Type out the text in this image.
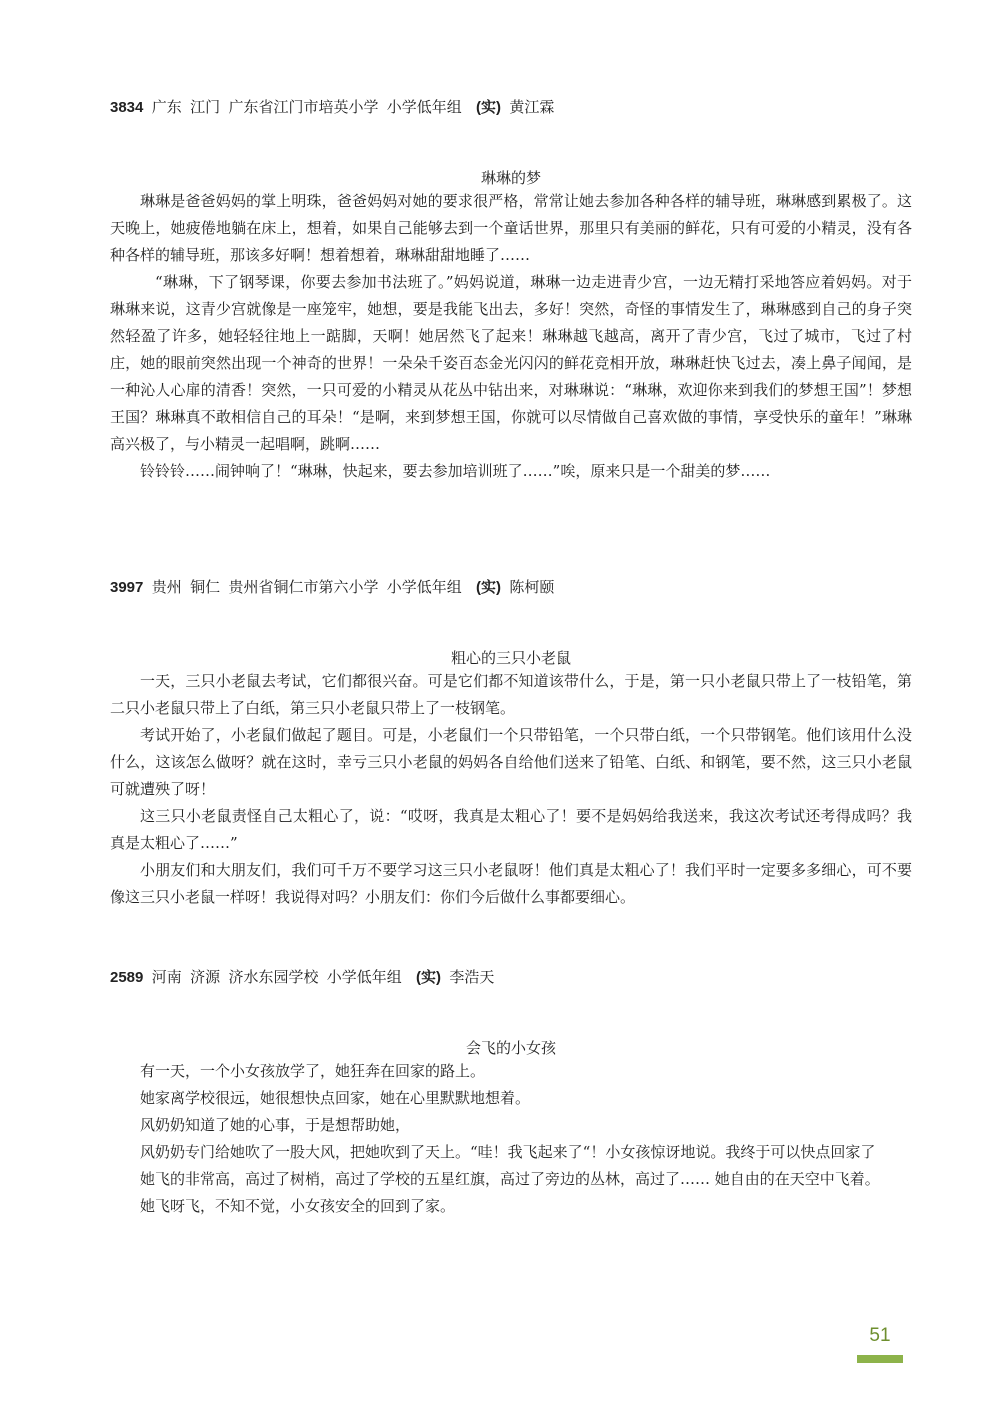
3834 广东 江门 广东省江门市培英小学 小学低年组 (实) 黄江霖
琳琳的梦

琳琳是爸爸妈妈的掌上明珠，爸爸妈妈对她的要求很严格，常常让她去参加各种各样的辅导班，琳琳感到累极了。这天晚上，她疲倦地躺在床上，想着，如果自己能够去到一个童话世界，那里只有美丽的鲜花，只有可爱的小精灵，没有各种各样的辅导班，那该多好啊！想着想着，琳琳甜甜地睡了……

“琳琳，下了钢琴课，你要去参加书法班了。”妈妈说道，琳琳一边走进青少宫，一边无精打采地答应着妈妈。对于琳琳来说，这青少宫就像是一座笼牢，她想，要是我能飞出去，多好！突然，奇怪的事情发生了，琳琳感到自己的身子突然轻盈了许多，她轻轻往地上一踮脚，天啊！她居然飞了起来！琳琳越飞越高，离开了青少宫，飞过了城市，飞过了村庄，她的眼前突然出现一个神奇的世界！一朵朵千姿百态金光闪闪的鲜花竞相开放，琳琳赶快飞过去，凑上鼻子闻闻，是一种沁人心扉的清香！突然，一只可爱的小精灵从花丛中钻出来，对琳琳说：“琳琳，欢迎你来到我们的梦想王国”！梦想王国？琳琳真不敢相信自己的耳朵！“是啊，来到梦想王国，你就可以尽情做自己喜欢做的事情，享受快乐的童年！”琳琳高兴极了，与小精灵一起唱啊，跳啊……

铃铃铃……闹钟响了！“琳琳，快起来，要去参加培训班了……”唉，原来只是一个甜美的梦……

3997 贵州 铜仁 贵州省铜仁市第六小学 小学低年组 (实) 陈柯颐
粗心的三只小老鼠

一天，三只小老鼠去考试，它们都很兴奋。可是它们都不知道该带什么，于是，第一只小老鼠只带上了一枝铅笔，第二只小老鼠只带上了白纸，第三只小老鼠只带上了一枝钢笔。

考试开始了，小老鼠们做起了题目。可是，小老鼠们一个只带铅笔，一个只带白纸，一个只带钢笔。他们该用什么没什么，这该怎么做呀？就在这时，幸亏三只小老鼠的妈妈各自给他们送来了铅笔、白纸、和钢笔，要不然，这三只小老鼠可就遭殃了呀！

这三只小老鼠责怪自己太粗心了，说：“哎呀，我真是太粗心了！要不是妈妈给我送来，我这次考试还考得成吗？我真是太粗心了……”

小朋友们和大朋友们，我们可千万不要学习这三只小老鼠呀！他们真是太粗心了！我们平时一定要多多细心，可不要像这三只小老鼠一样呀！我说得对吗？小朋友们：你们今后做什么事都要细心。

2589 河南 济源 济水东园学校 小学低年组 (实) 李浩天
会飞的小女孩

有一天，一个小女孩放学了，她狂奔在回家的路上。

她家离学校很远，她很想快点回家，她在心里默默地想着。

风奶奶知道了她的心事，于是想帮助她，

风奶奶专门给她吹了一股大风，把她吹到了天上。“哇！我飞起来了“！小女孩惊讶地说。我终于可以快点回家了

她飞的非常高，高过了树梢，高过了学校的五星红旗，高过了旁边的丛林，高过了…… 她自由的在天空中飞着。

她飞呀飞，不知不觉，小女孩安全的回到了家。

51
